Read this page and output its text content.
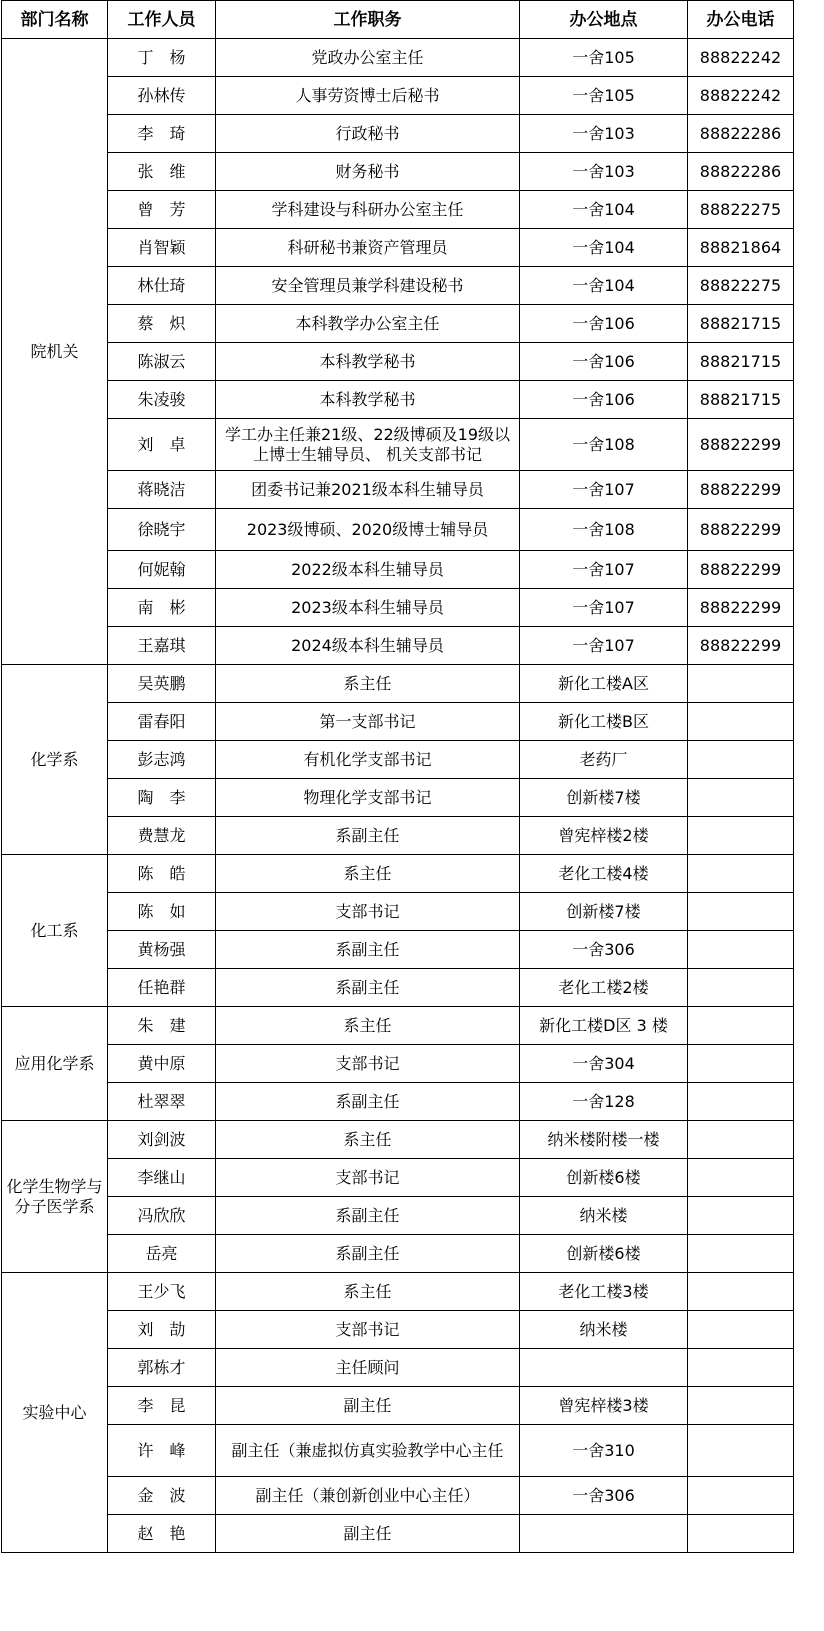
部门名称	工作人员	工作职务	办公地点	办公电话
院机关	丁　杨	党政办公室主任	一舍105	88822242
	孙林传	人事劳资博士后秘书	一舍105	88822242
	李　琦	行政秘书	一舍103	88822286
	张　维	财务秘书	一舍103	88822286
	曾　芳	学科建设与科研办公室主任	一舍104	88822275
	肖智颖	科研秘书兼资产管理员	一舍104	88821864
	林仕琦	安全管理员兼学科建设秘书	一舍104	88822275
	蔡　炽	本科教学办公室主任	一舍106	88821715
	陈淑云	本科教学秘书	一舍106	88821715
	朱凌骏	本科教学秘书	一舍106	88821715
	刘　卓	学工办主任兼21级、22级博硕及19级以上博士生辅导员、 机关支部书记	一舍108	88822299
	蒋晓洁	团委书记兼2021级本科生辅导员	一舍107	88822299
	徐晓宇	2023级博硕、2020级博士辅导员	一舍108	88822299
	何妮翰	2022级本科生辅导员	一舍107	88822299
	南　彬	2023级本科生辅导员	一舍107	88822299
	王嘉琪	2024级本科生辅导员	一舍107	88822299
化学系	吴英鹏	系主任	新化工楼A区	
	雷春阳	第一支部书记	新化工楼B区	
	彭志鸿	有机化学支部书记	老药厂	
	陶　李	物理化学支部书记	创新楼7楼	
	费慧龙	系副主任	曾宪梓楼2楼	
化工系	陈　皓	系主任	老化工楼4楼	
	陈　如	支部书记	创新楼7楼	
	黄杨强	系副主任	一舍306	
	任艳群	系副主任	老化工楼2楼	
应用化学系	朱　建	系主任	新化工楼D区 3 楼	
	黄中原	支部书记	一舍304	
	杜翠翠	系副主任	一舍128	
化学生物学与分子医学系	刘剑波	系主任	纳米楼附楼一楼	
	李继山	支部书记	创新楼6楼	
	冯欣欣	系副主任	纳米楼	
	岳亮	系副主任	创新楼6楼	
实验中心	王少飞	系主任	老化工楼3楼	
	刘　劼	支部书记	纳米楼	
	郭栋才	主任顾问		
	李　昆	副主任	曾宪梓楼3楼	
	许　峰	副主任（兼虚拟仿真实验教学中心主任	一舍310	
	金　波	副主任（兼创新创业中心主任）	一舍306	
	赵　艳	副主任		
